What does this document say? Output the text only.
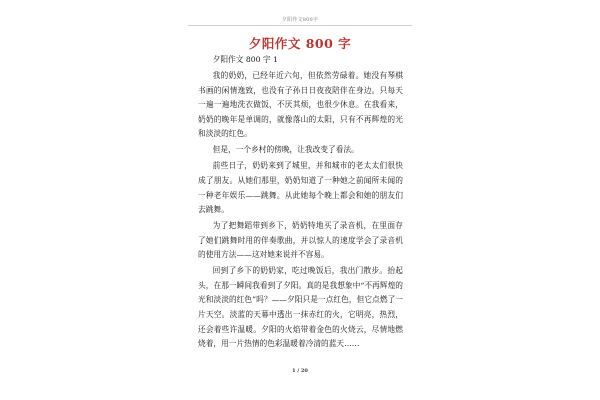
夕阳作文800字
夕阳作文 800 字

夕阳作文 800 字 1

我的奶奶，已经年近六旬，但依然劳碌着。她没有琴棋书画的闲情逸致，也没有子孙日日夜夜陪伴在身边。只每天一遍一遍地洗衣做饭，不厌其烦，也很少休息。在我看来，奶奶的晚年是单调的，就像落山的太阳，只有不再辉煌的光和淡淡的红色。

但是，一个乡村的傍晚，让我改变了看法。

前些日子，奶奶来到了城里，并和城市的老太太们很快成了朋友。从她们那里，奶奶知道了一种她之前闻所未闻的一种老年娱乐——跳舞。从此她每个晚上都会和她的朋友们去跳舞。

为了把舞蹈带到乡下，奶奶特地买了录音机，在里面存了她们跳舞时用的伴奏歌曲，并以惊人的速度学会了录音机的使用方法——这对她来说并不容易。

回到了乡下的奶奶家，吃过晚饭后，我出门散步。抬起头，在那一瞬间我看到了夕阳。真的是我想象中“不再辉煌的光和淡淡的红色”吗？——夕阳只是一点红色，但它点燃了一片天空。淡蓝的天幕中透出一抹赤红的火，它明亮，热烈，还会着些许温暖。夕阳的火焰带着金色的火烧云，尽情地燃烧着，用一片热情的色彩温暖着冷清的蓝天……

1 / 20
